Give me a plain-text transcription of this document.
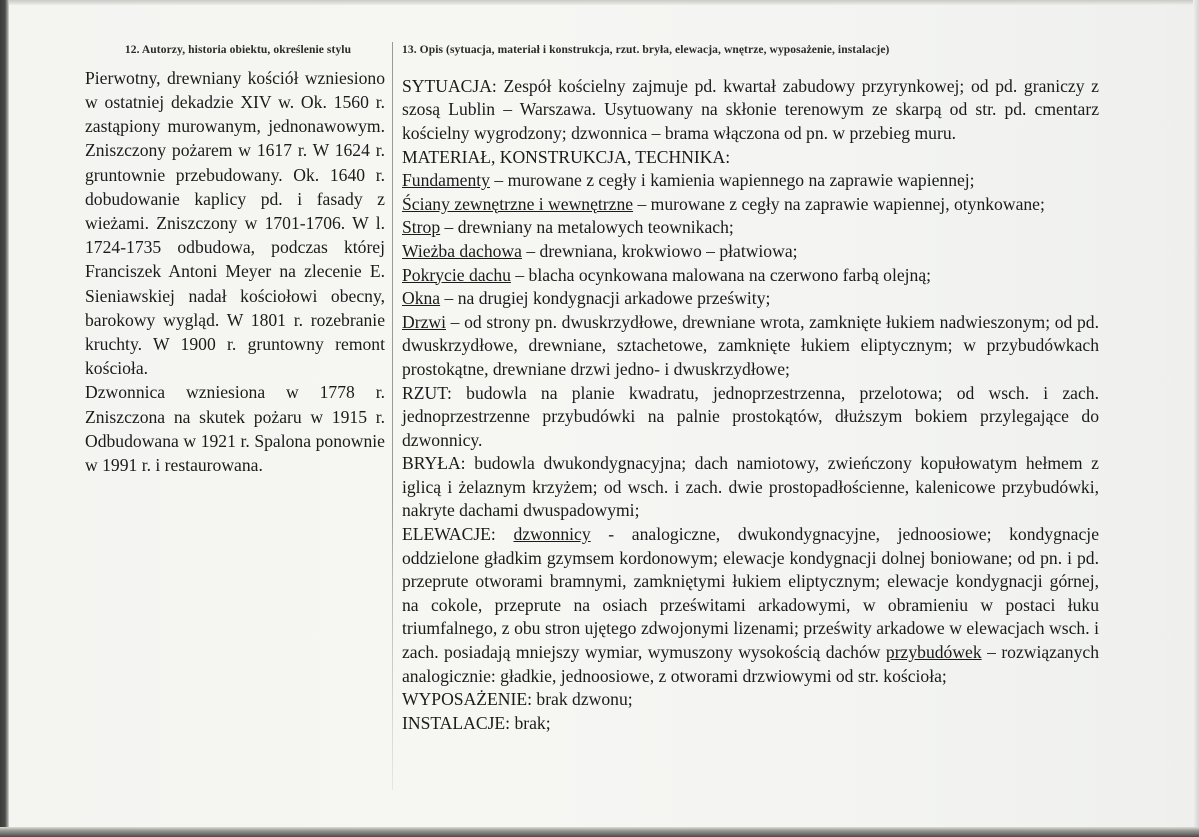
12. Autorzy, historia obiektu, określenie stylu

Pierwotny, drewniany kościół wzniesiono w ostatniej dekadzie XIV w. Ok. 1560 r. zastąpiony murowanym, jednonawowym. Zniszczony pożarem w 1617 r. W 1624 r. gruntownie przebudowany. Ok. 1640 r. dobudowanie kaplicy pd. i fasady z wieżami. Zniszczony w 1701-1706. W l. 1724-1735 odbudowa, podczas której Franciszek Antoni Meyer na zlecenie E. Sieniawskiej nadał kościołowi obecny, barokowy wygląd. W 1801 r. rozebranie kruchty. W 1900 r. gruntowny remont kościoła.

Dzwonnica wzniesiona w 1778 r. Zniszczona na skutek pożaru w 1915 r. Odbudowana w 1921 r. Spalona ponownie w 1991 r. i restaurowana.

13. Opis (sytuacja, materiał i konstrukcja, rzut. bryła, elewacja, wnętrze, wyposażenie, instalacje)

SYTUACJA: Zespół kościelny zajmuje pd. kwartał zabudowy przyrynkowej; od pd. graniczy z szosą Lublin – Warszawa. Usytuowany na skłonie terenowym ze skarpą od str. pd. cmentarz kościelny wygrodzony; dzwonnica – brama włączona od pn. w przebieg muru.

MATERIAŁ, KONSTRUKCJA, TECHNIKA:

Fundamenty – murowane z cegły i kamienia wapiennego na zaprawie wapiennej;

Ściany zewnętrzne i wewnętrzne – murowane z cegły na zaprawie wapiennej, otynkowane;

Strop – drewniany na metalowych teownikach;

Wieżba dachowa – drewniana, krokwiowo – płatwiowa;

Pokrycie dachu – blacha ocynkowana malowana na czerwono farbą olejną;

Okna – na drugiej kondygnacji arkadowe prześwity;

Drzwi – od strony pn. dwuskrzydłowe, drewniane wrota, zamknięte łukiem nadwieszonym; od pd. dwuskrzydłowe, drewniane, sztachetowe, zamknięte łukiem eliptycznym; w przybudówkach prostokątne, drewniane drzwi jedno- i dwuskrzydłowe;

RZUT: budowla na planie kwadratu, jednoprzestrzenna, przelotowa; od wsch. i zach. jednoprzestrzenne przybudówki na palnie prostokątów, dłuższym bokiem przylegające do dzwonnicy.

BRYŁA: budowla dwukondygnacyjna; dach namiotowy, zwieńczony kopułowatym hełmem z iglicą i żelaznym krzyżem; od wsch. i zach. dwie prostopadłościenne, kalenicowe przybudówki, nakryte dachami dwuspadowymi;

ELEWACJE: dzwonnicy - analogiczne, dwukondygnacyjne, jednoosiowe; kondygnacje oddzielone gładkim gzymsem kordonowym; elewacje kondygnacji dolnej boniowane; od pn. i pd. przeprute otworami bramnymi, zamkniętymi łukiem eliptycznym; elewacje kondygnacji górnej, na cokole, przeprute na osiach prześwitami arkadowymi, w obramieniu w postaci łuku triumfalnego, z obu stron ujętego zdwojonymi lizenami; prześwity arkadowe w elewacjach wsch. i zach. posiadają mniejszy wymiar, wymuszony wysokością dachów przybudówek – rozwiązanych analogicznie: gładkie, jednoosiowe, z otworami drzwiowymi od str. kościoła;

WYPOSAŻENIE: brak dzwonu;

INSTALACJE: brak;
